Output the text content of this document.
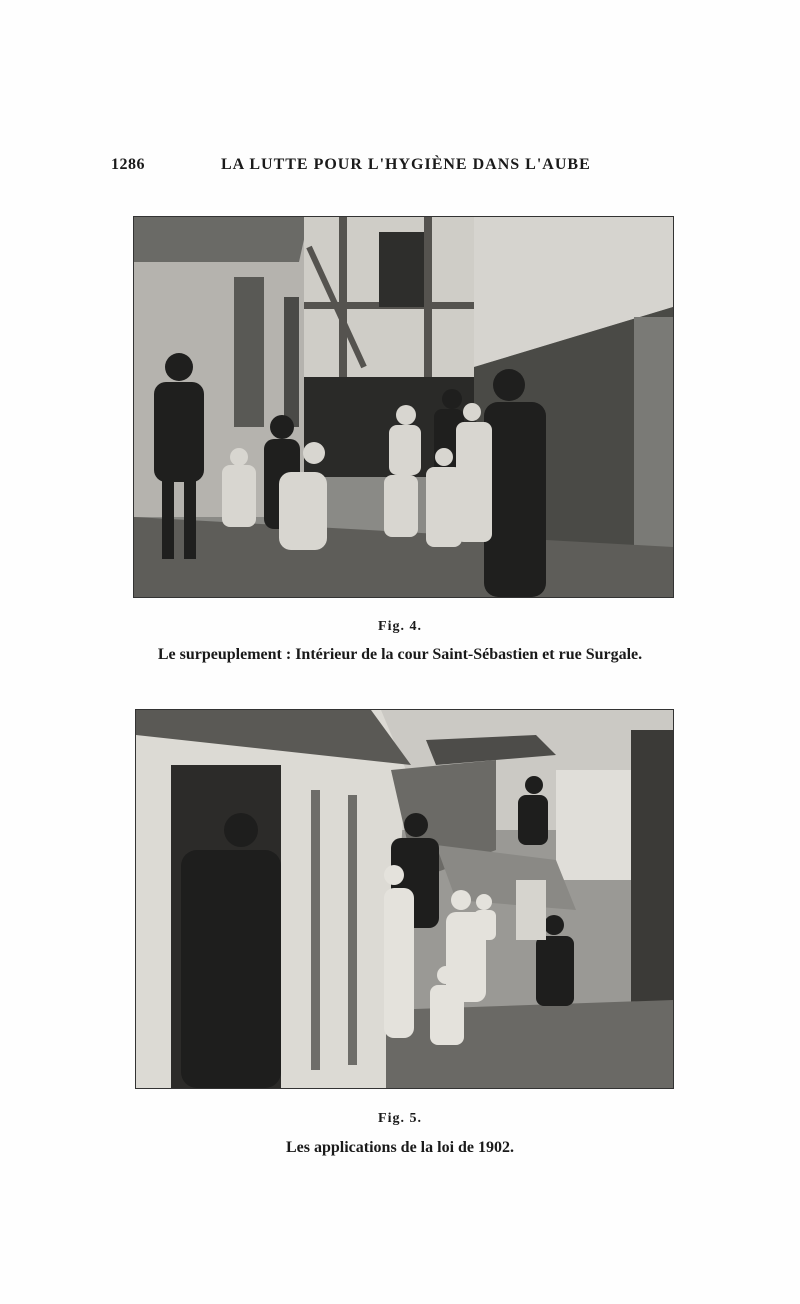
1286	LA LUTTE POUR L'HYGIÈNE DANS L'AUBE
Fig. 4.
Le surpeuplement : Intérieur de la cour Saint-Sébastien et rue Surgale.
Fig. 5.
Les applications de la loi de 1902.
